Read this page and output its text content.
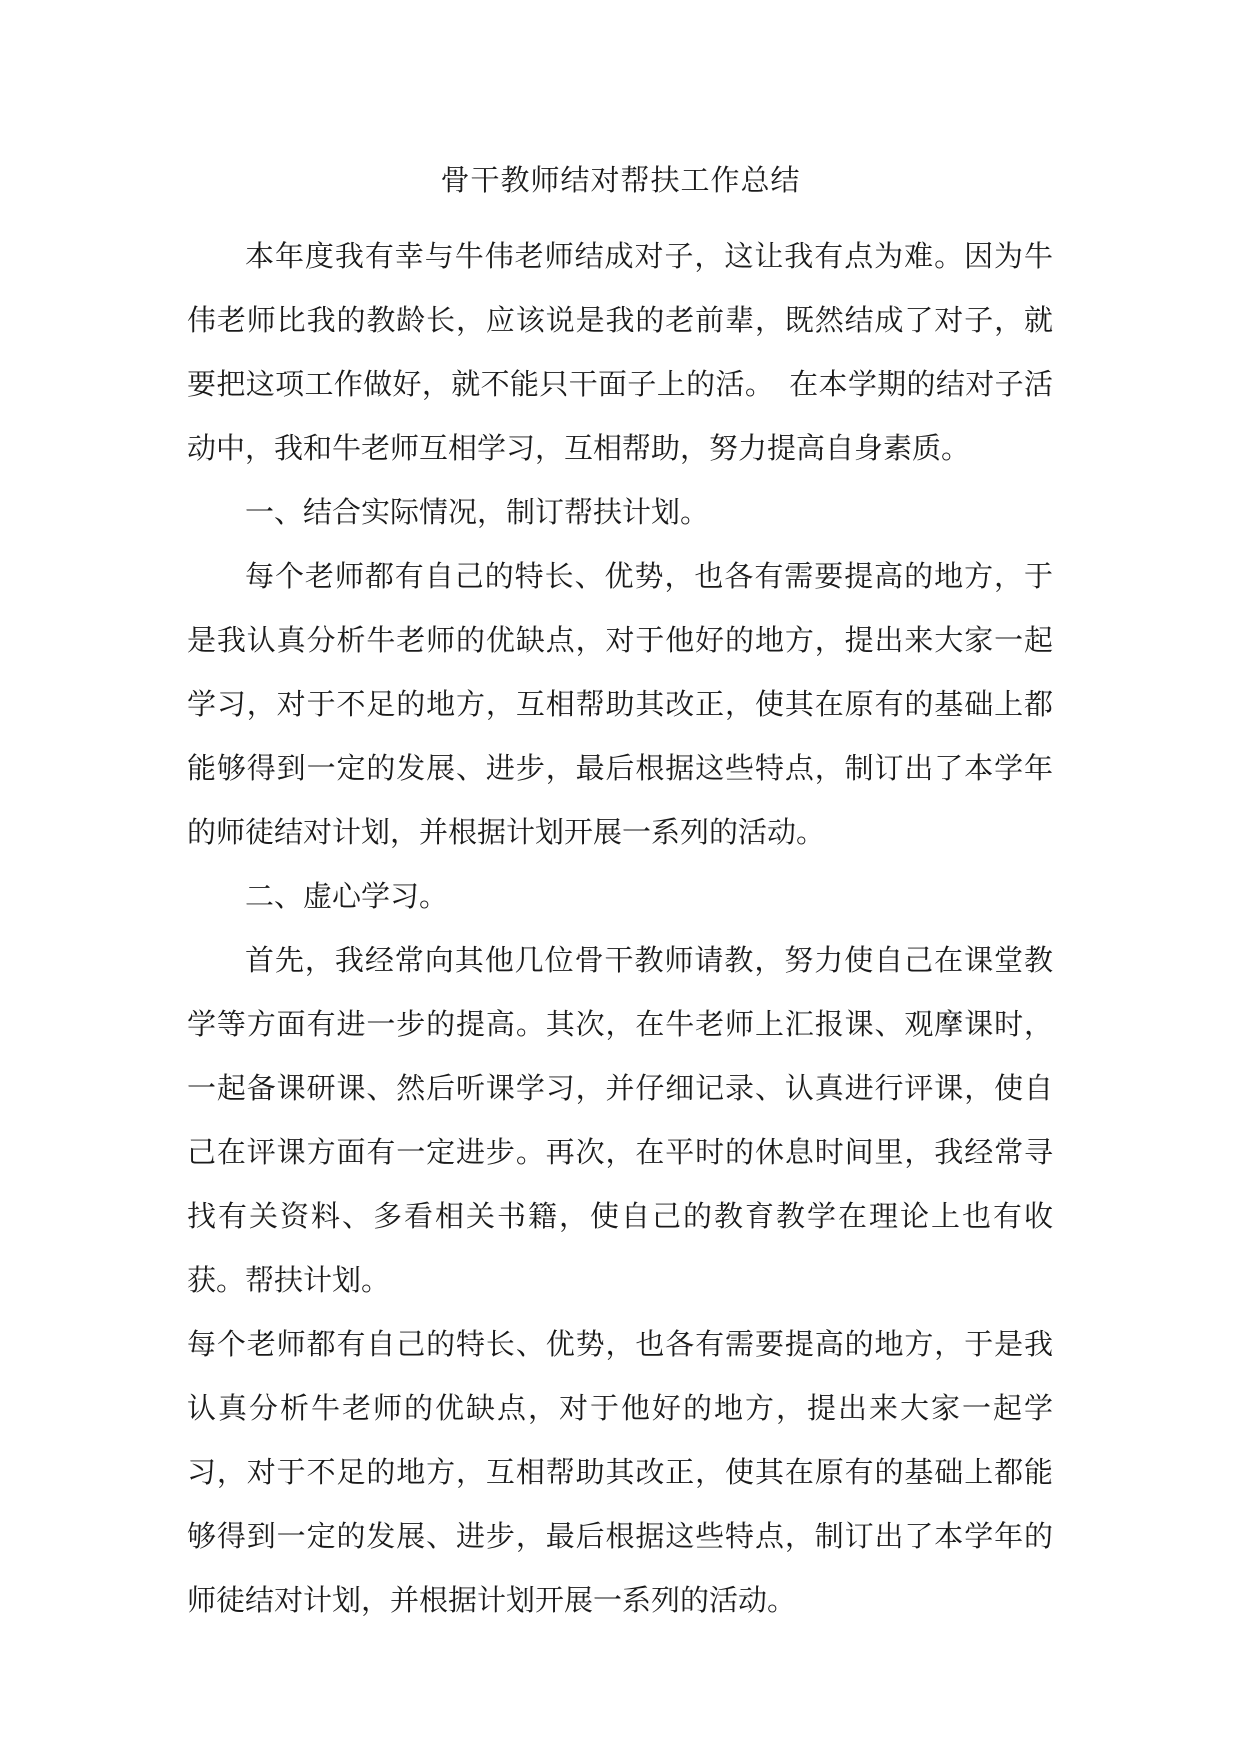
骨干教师结对帮扶工作总结

本年度我有幸与牛伟老师结成对子，这让我有点为难。因为牛伟老师比我的教龄长，应该说是我的老前辈，既然结成了对子，就要把这项工作做好，就不能只干面子上的活。　在本学期的结对子活动中，我和牛老师互相学习，互相帮助，努力提高自身素质。

一、结合实际情况，制订帮扶计划。

每个老师都有自己的特长、优势，也各有需要提高的地方，于是我认真分析牛老师的优缺点，对于他好的地方，提出来大家一起学习，对于不足的地方，互相帮助其改正，使其在原有的基础上都能够得到一定的发展、进步，最后根据这些特点，制订出了本学年的师徒结对计划，并根据计划开展一系列的活动。

二、虚心学习。

首先，我经常向其他几位骨干教师请教，努力使自己在课堂教学等方面有进一步的提高。其次，在牛老师上汇报课、观摩课时，一起备课研课、然后听课学习，并仔细记录、认真进行评课，使自己在评课方面有一定进步。再次，在平时的休息时间里，我经常寻找有关资料、多看相关书籍，使自己的教育教学在理论上也有收获。帮扶计划。

每个老师都有自己的特长、优势，也各有需要提高的地方，于是我认真分析牛老师的优缺点，对于他好的地方，提出来大家一起学习，对于不足的地方，互相帮助其改正，使其在原有的基础上都能够得到一定的发展、进步，最后根据这些特点，制订出了本学年的师徒结对计划，并根据计划开展一系列的活动。
